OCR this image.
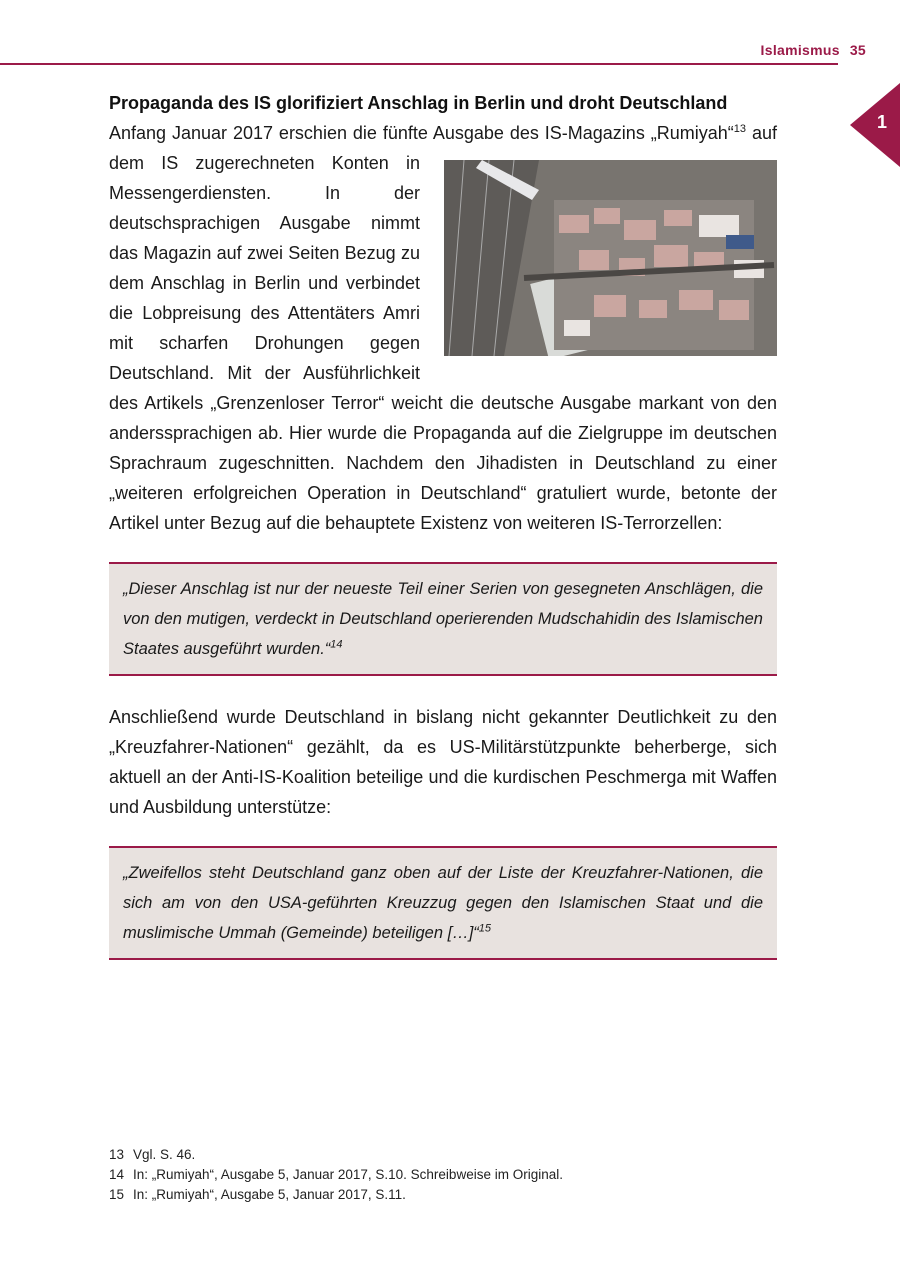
Islamismus 35
1
Propaganda des IS glorifiziert Anschlag in Berlin und droht Deutschland

Anfang Januar 2017 erschien die fünfte Ausgabe des IS-Magazins „Rumiyah“$^{13}$
auf dem IS zugerechneten Konten in Messengerdiensten. In der deutschsprachigen Ausgabe nimmt das Magazin auf zwei Seiten Bezug zu dem Anschlag in Berlin und verbindet die Lobpreisung des Attentäters Amri mit scharfen Drohungen gegen Deutschland. Mit der Ausführlichkeit des Artikels „Grenzenloser Terror“ weicht die deutsche Ausgabe markant von den anderssprachigen ab. Hier wurde die Propaganda auf die Zielgruppe im deutschen Sprachraum zugeschnitten. Nachdem den Jihadisten in Deutschland zu einer „weiteren erfolgreichen Operation in Deutschland“ gratuliert wurde, betonte der Artikel unter Bezug auf die behauptete Existenz von weiteren IS-Terrorzellen:

„Dieser Anschlag ist nur der neueste Teil einer Serien von gesegneten Anschlägen, die von den mutigen, verdeckt in Deutschland operierenden Mudschahidin des Islamischen Staates ausgeführt wurden.“$^{14}$

Anschließend wurde Deutschland in bislang nicht gekannter Deutlichkeit zu den „Kreuzfahrer-Nationen“ gezählt, da es US-Militärstützpunkte beherberge, sich aktuell an der Anti-IS-Koalition beteilige und die kurdischen Peschmerga mit Waffen und Ausbildung unterstütze:

„Zweifellos steht Deutschland ganz oben auf der Liste der Kreuzfahrer-Nationen, die sich am von den USA-geführten Kreuzzug gegen den Islamischen Staat und die muslimische Ummah (Gemeinde) beteiligen […]“$^{15}$
13 Vgl. S. 46.
14 In: „Rumiyah“, Ausgabe 5, Januar 2017, S.10. Schreibweise im Original.
15 In: „Rumiyah“, Ausgabe 5, Januar 2017, S.11.
